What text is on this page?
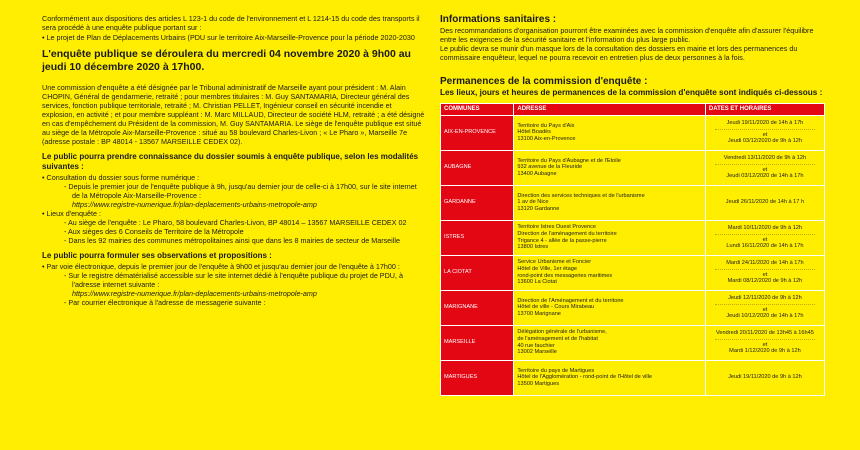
Conformément aux dispositions des articles L 123-1 du code de l'environnement et L 1214-15 du code des transports il sera procédé à une enquête publique portant sur :

• Le projet de Plan de Déplacements Urbains (PDU sur le territoire Aix-Marseille-Provence pour la période 2020-2030
L'enquête publique se déroulera du mercredi 04 novembre 2020 à 9h00 au jeudi 10 décembre 2020 à 17h00.

Une commission d'enquête a été désignée par le Tribunal administratif de Marseille ayant pour président : M. Alain CHOPIN, Général de gendarmerie, retraité ; pour membres titulaires : M. Guy SANTAMARIA, Directeur général des services, fonction publique territoriale, retraité ; M. Christian PELLET, Ingénieur conseil en sécurité incendie et explosion, en activité ; et pour membre suppléant : M. Marc MILLAUD, Directeur de société HLM, retraité ; a été désigné en cas d'empêchement du Président de la commission, M. Guy SANTAMARIA. Le siège de l'enquête publique est situé au siège de la Métropole Aix-Marseille-Provence : situé au 58 boulevard Charles-Livon ; « Le Pharo », Marseille 7e (adresse postale : BP 48014 - 13567 MARSEILLE CEDEX 02).

Le public pourra prendre connaissance du dossier soumis à enquête publique, selon les modalités suivantes :
• Consultation du dossier sous forme numérique :
- Depuis le premier jour de l'enquête publique à 9h, jusqu'au dernier jour de celle-ci à 17h00, sur le site internet de la Métropole Aix-Marseille-Provence :
https://www.registre-numerique.fr/plan-deplacements-urbains-metropole-amp
• Lieux d'enquête :
- Au siège de l'enquête : Le Pharo, 58 boulevard Charles-Livon, BP 48014 – 13567 MARSEILLE CEDEX 02
- Aux sièges des 6 Conseils de Territoire de la Métropole
- Dans les 92 mairies des communes métropolitaines ainsi que dans les 8 mairies de secteur de Marseille
Le public pourra formuler ses observations et propositions :
• Par voie électronique, depuis le premier jour de l'enquête à 9h00 et jusqu'au dernier jour de l'enquête à 17h00 :
- Sur le registre dématérialisé accessible sur le site internet dédié à l'enquête publique du projet de PDU, à l'adresse internet suivante :
https://www.registre-numerique.fr/plan-deplacements-urbains-metropole-amp
- Par courrier électronique à l'adresse de messagerie suivante :
Informations sanitaires :

Des recommandations d'organisation pourront être examinées avec la commission d'enquête afin d'assurer l'équilibre entre les exigences de la sécurité sanitaire et l'information du plus large public.

Le public devra se munir d'un masque lors de la consultation des dossiers en mairie et lors des permanences du commissaire enquêteur, lequel ne pourra recevoir en entretien plus de deux personnes à la fois.

Permanences de la commission d'enquête :
Les lieux, jours et heures de permanences de la commission d'enquête sont indiqués ci-dessous :
COMMUNES	ADRESSE	DATES ET HORAIRES
AIX-EN-PROVENCE	Territoire du Pays d'Aix
Hôtel Boadès
13100 Aix-en-Provence	Jeudi 19/11/2020 de 14h à 17h
et
Jeudi 03/12/2020 de 9h à 12h

AUBAGNE	Territoire du Pays d'Aubagne et de l'Etoile
932 avenue de la Fleuride
13400 Aubagne	Vendredi 13/11/2020 de 9h à 12h
et
Jeudi 03/12/2020 de 14h à 17h

GARDANNE	Direction des services techniques et de l'urbanisme
1 av de Nice
13120 Gardanne	Jeudi 26/11/2020 de 14h à 17 h

ISTRES	Territoire Istres Ouest Provence
Direction de l'aménagement du territoire
Trigance 4 - allée de la passe-pierre
13800 Istres	Mardi 10/11/2020 de 9h à 12h
et
Lundi 16/11/2020 de 14h à 17h

LA CIOTAT	Service Urbanisme et Foncier
Hôtel de Ville, 1er étage
rond-point des messageries maritimes
13600 La Ciotat	Mardi 24/11/2020 de 14h à 17h
et
Mardi 08/12/2020 de 9h à 12h

MARIGNANE	Direction de l'Aménagement et du territoire
Hôtel de ville - Cours Mirabeau
13700 Marignane	Jeudi 12/11/2020 de 9h à 12h
et
Jeudi 10/12/2020 de 14h à 17h

MARSEILLE	Délégation générale de l'urbanisme,
de l'aménagement et de l'habitat
40 rue fauchier
13002 Marseille	Vendredi 20/11/2020 de 13h45 à 16h45
et
Mardi 1/12/2020 de 9h à 12h

MARTIGUES	Territoire du pays de Martigues
Hôtel de l'Agglomération - rond-point de l'Hôtel de ville
13500 Martigues	Jeudi 19/11/2020 de 9h à 12h
